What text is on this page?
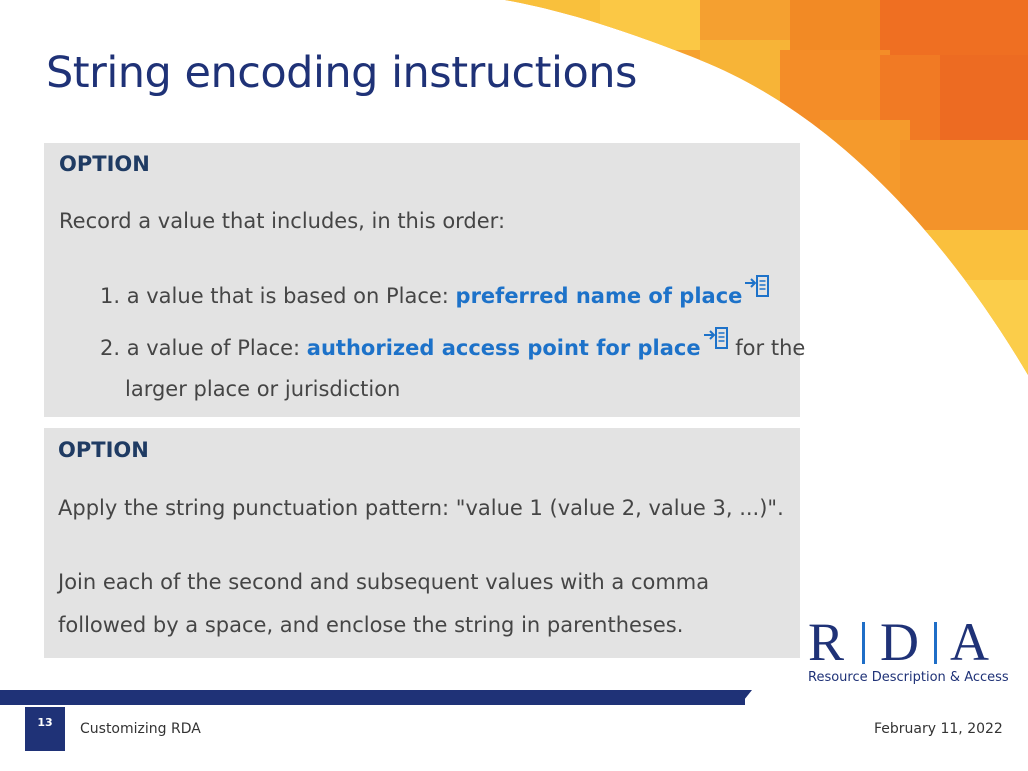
String encoding instructions
OPTION
Record a value that includes, in this order:
1. a value that is based on Place: preferred name of place
2. a value of Place: authorized access point for place for the
larger place or jurisdiction
OPTION
Apply the string punctuation pattern: "value 1 (value 2, value 3, ...)".
Join each of the second and subsequent values with a comma
followed by a space, and enclose the string in parentheses. R D A
Resource Description & Access
13	Customizing RDA	February 11, 2022
